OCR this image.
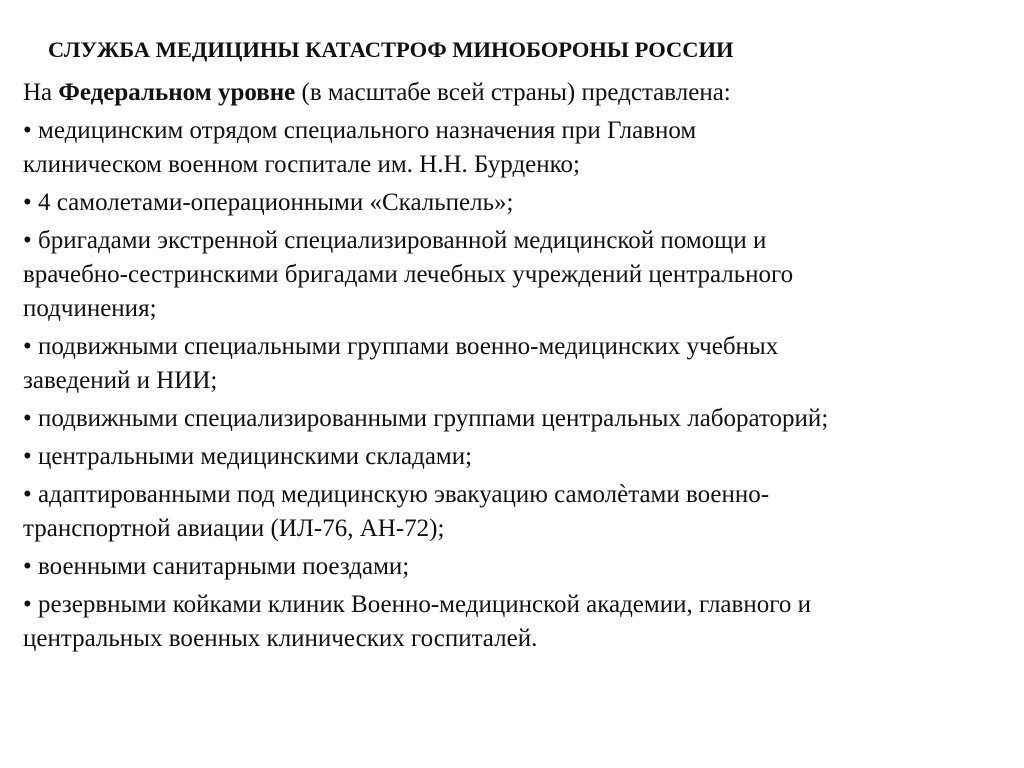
СЛУЖБА МЕДИЦИНЫ КАТАСТРОФ МИНОБОРОНЫ РОССИИ

На Федеральном уровне (в масштабе всей страны) представлена:

• медицинским отрядом специального назначения при Главном
клиническом военном госпитале им. Н.Н. Бурденко;
• 4 самолетами-операционными «Скальпель»;
• бригадами экстренной специализированной медицинской помощи и
врачебно-сестринскими бригадами лечебных учреждений центрального
подчинения;
• подвижными специальными группами военно-медицинских учебных
заведений и НИИ;
• подвижными специализированными группами центральных лабораторий;
• центральными медицинскими складами;
• адаптированными под медицинскую эвакуацию самолѐтами военно-
транспортной авиации (ИЛ-76, АН-72);
• военными санитарными поездами;
• резервными койками клиник Военно-медицинской академии, главного и
центральных военных клинических госпиталей.
